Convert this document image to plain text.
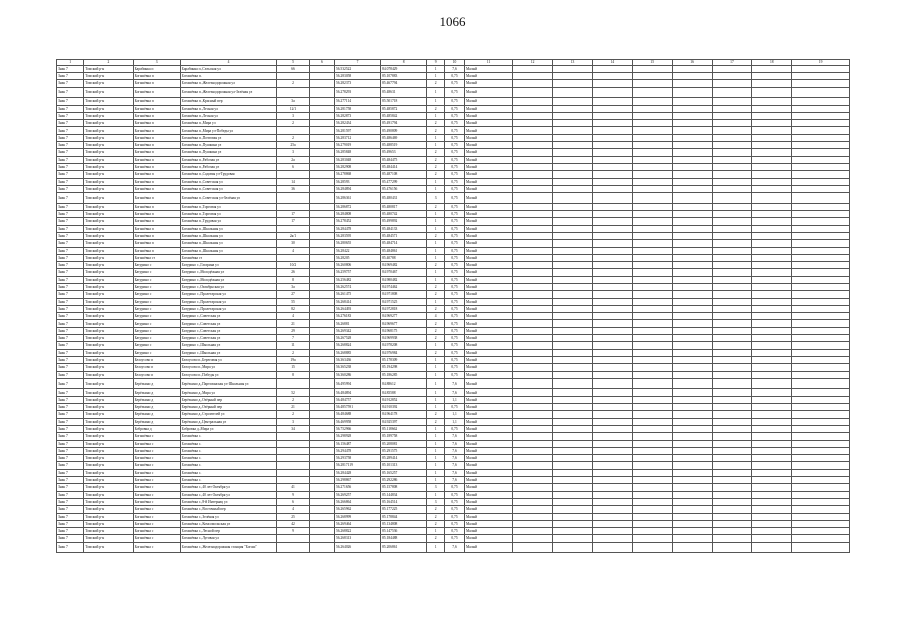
1066
1	2	3	4	5	6	7	8	9	10	11	12	13	14	15	16	17	18	19
Знак 7	Томский р-н	Барабинка п	Барабинка п.,Сельская ул	66		56.532522	84.078429	1	7,6	Малый								
Знак 7	Томский р-н	Богашёвка п	Богашёвка п.			56.283058	85.107883	1	0,75	Малый								
Знак 7	Томский р-н	Богашёвка п	Богашёвка п.,Железнодорожная ул	2		56.282373	85.467794	2	0,75	Малый								
Знак 7	Томский р-н	Богашёвка п	Богашёвка п.,Железнодорожная ул-Зелёная ул			56.278293	85.48631	1	0,75	Малый								
Знак 7	Томский р-н	Богашёвка п	Богашёвка п.,Красный пер	3а		56.277114	85.501718	1	0,75	Малый								
Знак 7	Томский р-н	Богашёвка п	Богашёвка п.,Лесная ул	12/1		56.281758	85.485872	2	0,75	Малый								
Знак 7	Томский р-н	Богашёвка п	Богашёвка п.,Лесная ул	3		56.282873	85.485842	1	0,75	Малый								
Знак 7	Томский р-н	Богашёвка п	Богашёвка п.,Мира ул	2		56.282434	85.491794	2	0,75	Малый								
Знак 7	Томский р-н	Богашёвка п	Богашёвка п.,Мира ул-Победы ул			56.281597	85.490809	2	0,75	Малый								
Знак 7	Томский р-н	Богашёвка п	Богашёвка п.,Почтовая ул	2		56.283712	85.486469	1	0,75	Малый								
Знак 7	Томский р-н	Богашёвка п	Богашёвка п.,Пушкина ул	25а		56.279019	85.488519	1	0,75	Малый								
Знак 7	Томский р-н	Богашёвка п	Богашёвка п.,Пушкина ул	3		56.285848	85.49653	2	0,75	Малый								
Знак 7	Томский р-н	Богашёвка п	Богашёвка п.,Рабочая ул	2а		56.283048	85.484475	2	0,75	Малый								
Знак 7	Томский р-н	Богашёвка п	Богашёвка п.,Рабочая ул	6		56.282908	85.484414	2	0,75	Малый								
Знак 7	Томский р-н	Богашёвка п	Богашёвка п.,Садовая ул-Трудовая			56.278868	85.487108	2	0,75	Малый								
Знак 7	Томский р-н	Богашёвка п	Богашёвка п.,Советская ул	14		56.28593	85.477299	1	0,75	Малый								
Знак 7	Томский р-н	Богашёвка п	Богашёвка п.,Советская ул	36		56.284894	85.476156	1	0,75	Малый								
Знак 7	Томский р-н	Богашёвка п	Богашёвка п.,Советская ул-Зелёная ул			56.286361	85.480431	3	0,75	Малый								
Знак 7	Томский р-н	Богашёвка п	Богашёвка п.,Торговая ул			56.286872	85.480817	2	0,75	Малый								
Знак 7	Томский р-н	Богашёвка п	Богашёвка п.,Торговая ул	17		56.284808	85.480742	1	0,75	Малый								
Знак 7	Томский р-н	Богашёвка п	Богашёвка п.,Трудовая ул	17		56.278452	85.499892	1	0,75	Малый								
Знак 7	Томский р-н	Богашёвка п	Богашёвка п.,Школьная ул			56.284478	85.484133	1	0,75	Малый								
Знак 7	Томский р-н	Богашёвка п	Богашёвка п.,Школьная ул	2к/1		56.283595	85.484571	2	0,75	Малый								
Знак 7	Томский р-н	Богашёвка п	Богашёвка п.,Школьная ул	30		56.280655	85.484714	1	0,75	Малый								
Знак 7	Томский р-н	Богашёвка п	Богашёвка п.,Школьная ул	4		56.28422	85.484861	1	0,75	Малый								
Знак 7	Томский р-н	Богашёвка ст	Богашёвка ст			56.28205	85.40788	1	0,75	Малый								
Знак 7	Томский р-н	Батурино с	Батурино с.,Гагарина ул	10/2		56.260806	84.969482	2	0,75	Малый								
Знак 7	Томский р-н	Батурино с	Батурино с.,Молодёжная ул	26		56.259757	84.970467	1	0,75	Малый								
Знак 7	Томский р-н	Батурино с	Батурино с.,Молодёжная ул	8		56.256482	84.980482	1	0,75	Малый								
Знак 7	Томский р-н	Батурино с	Батурино с.,Октябрьская ул	3а		56.262574	84.974462	2	0,75	Малый								
Знак 7	Томский р-н	Батурино с	Батурино с.,Пролетарская ул	27		56.261475	84.971808	2	0,75	Малый								
Знак 7	Томский р-н	Батурино с	Батурино с.,Пролетарская ул	55		56.268414	84.971525	1	0,75	Малый								
Знак 7	Томский р-н	Батурино с	Батурино с.,Пролетарская ул	82		56.264493	84.972818	2	0,75	Малый								
Знак 7	Томский р-н	Батурино с	Батурино с.,Советская ул	4		56.276183	84.969277	4	0,75	Малый								
Знак 7	Томский р-н	Батурино с	Батурино с.,Советская ул	21		56.26881	84.969677	2	0,75	Малый								
Знак 7	Томский р-н	Батурино с	Батурино с.,Советская ул	29		56.269342	84.968175	2	0,75	Малый								
Знак 7	Томский р-н	Батурино с	Батурино с.,Советская ул	7		56.267528	84.969938	2	0,75	Малый								
Знак 7	Томский р-н	Батурино с	Батурино с.,Школьная ул	11		56.268824	84.978208	1	0,75	Малый								
Знак 7	Томский р-н	Батурино с	Батурино с.,Школьная ул	2		56.268885	84.976984	2	0,75	Малый								
Знак 7	Томский р-н	Белоусово п	Белоусово п.,Береговая ул	19а		56.363436	85.178309	1	0,75	Малый								
Знак 7	Томский р-н	Белоусово п	Белоусово п.,Мира ул	15		56.365238	85.194298	1	0,75	Малый								
Знак 7	Томский р-н	Белоусово п	Белоусово п.,Победы ул	8		56.360286	85.186285	1	0,75	Малый								
Знак 7	Томский р-н	Берёзкино д	Берёзкино д.,Партизанская ул-Школьная ул			56.495994	84.88612	1	7,6	Малый								
Знак 7	Томский р-н	Берёзкино д	Берёзкино д.,Мира ул	52		56.484894	84.85588	1	7,6	Малый								
Знак 7	Томский р-н	Берёзкино д	Берёзкино д.,Озёрный пер	2		56.484757	84.912852	1	1,1	Малый								
Знак 7	Томский р-н	Берёзкино д	Берёзкино д.,Озёрный пер	21		56.4857591	84.910392	1	0,75	Малый								
Знак 7	Томский р-н	Берёзкино д	Берёзкино д.,Строителей ул	2		56.484688	84.964178	2	1,1	Малый								
Знак 7	Томский р-н	Берёзкино д	Берёзкино д.,Центральная ул	3		56.469958	84.925397	2	1,1	Малый								
Знак 7	Томский р-н	Бобровка д	Бобровка д.,Мира ул	34		56.752966	85.118662	1	0,75	Малый								
Знак 7	Томский р-н	Богашёвка с	Богашёвка с.			56.298928	85.189758	1	7,6	Малый								
Знак 7	Томский р-н	Богашёвка с	Богашёвка с.			56.156487	85.208081	1	7,6	Малый								
Знак 7	Томский р-н	Богашёвка с	Богашёвка с.			56.294478	85.291575	1	7,6	Малый								
Знак 7	Томский р-н	Богашёвка с	Богашёвка с.			56.293758	85.289414	1	7,6	Малый								
Знак 7	Томский р-н	Богашёвка с	Богашёвка с.			56.2817119	85.101313	1	7,6	Малый								
Знак 7	Томский р-н	Богашёвка с	Богашёвка с.			56.284428	85.165257	1	7,6	Малый								
Знак 7	Томский р-н	Богашёвка с	Богашёвка с.			56.298867	85.292286	1	7,6	Малый								
Знак 7	Томский р-н	Богашёвка с	Богашёвка с.,40 лет Октября ул	41		56.271656	85.157808	3	0,75	Малый								
Знак 7	Томский р-н	Богашёвка с	Богашёвка с.,40 лет Октября ул	9		56.269257	85.144834	1	0,75	Малый								
Знак 7	Томский р-н	Богашёвка с	Богашёвка с.,8-й Интернац ул	6		56.266864	85.164514	3	0,75	Малый								
Знак 7	Томский р-н	Богашёвка с	Богашёвка с.,Восточный пер	4		56.265962	85.177225	2	0,75	Малый								
Знак 7	Томский р-н	Богашёвка с	Богашёвка с.,Зелёная ул	25		56.268999	85.178844	2	0,75	Малый								
Знак 7	Томский р-н	Богашёвка с	Богашёвка с.,Комсомольская ул	42		56.269464	85.134808	2	0,75	Малый								
Знак 7	Томский р-н	Богашёвка с	Богашёвка с.,Лесной пер	9		56.268822	85.147536	1	0,75	Малый								
Знак 7	Томский р-н	Богашёвка с	Богашёвка с.,Луговая ул			56.268313	85.184488	2	0,75	Малый								
Знак 7	Томский р-н	Богашёвка с	Богашёвка с.,Железнодорожная станция "Богаш"			56.264026	85.206861	1	7,6	Малый								
